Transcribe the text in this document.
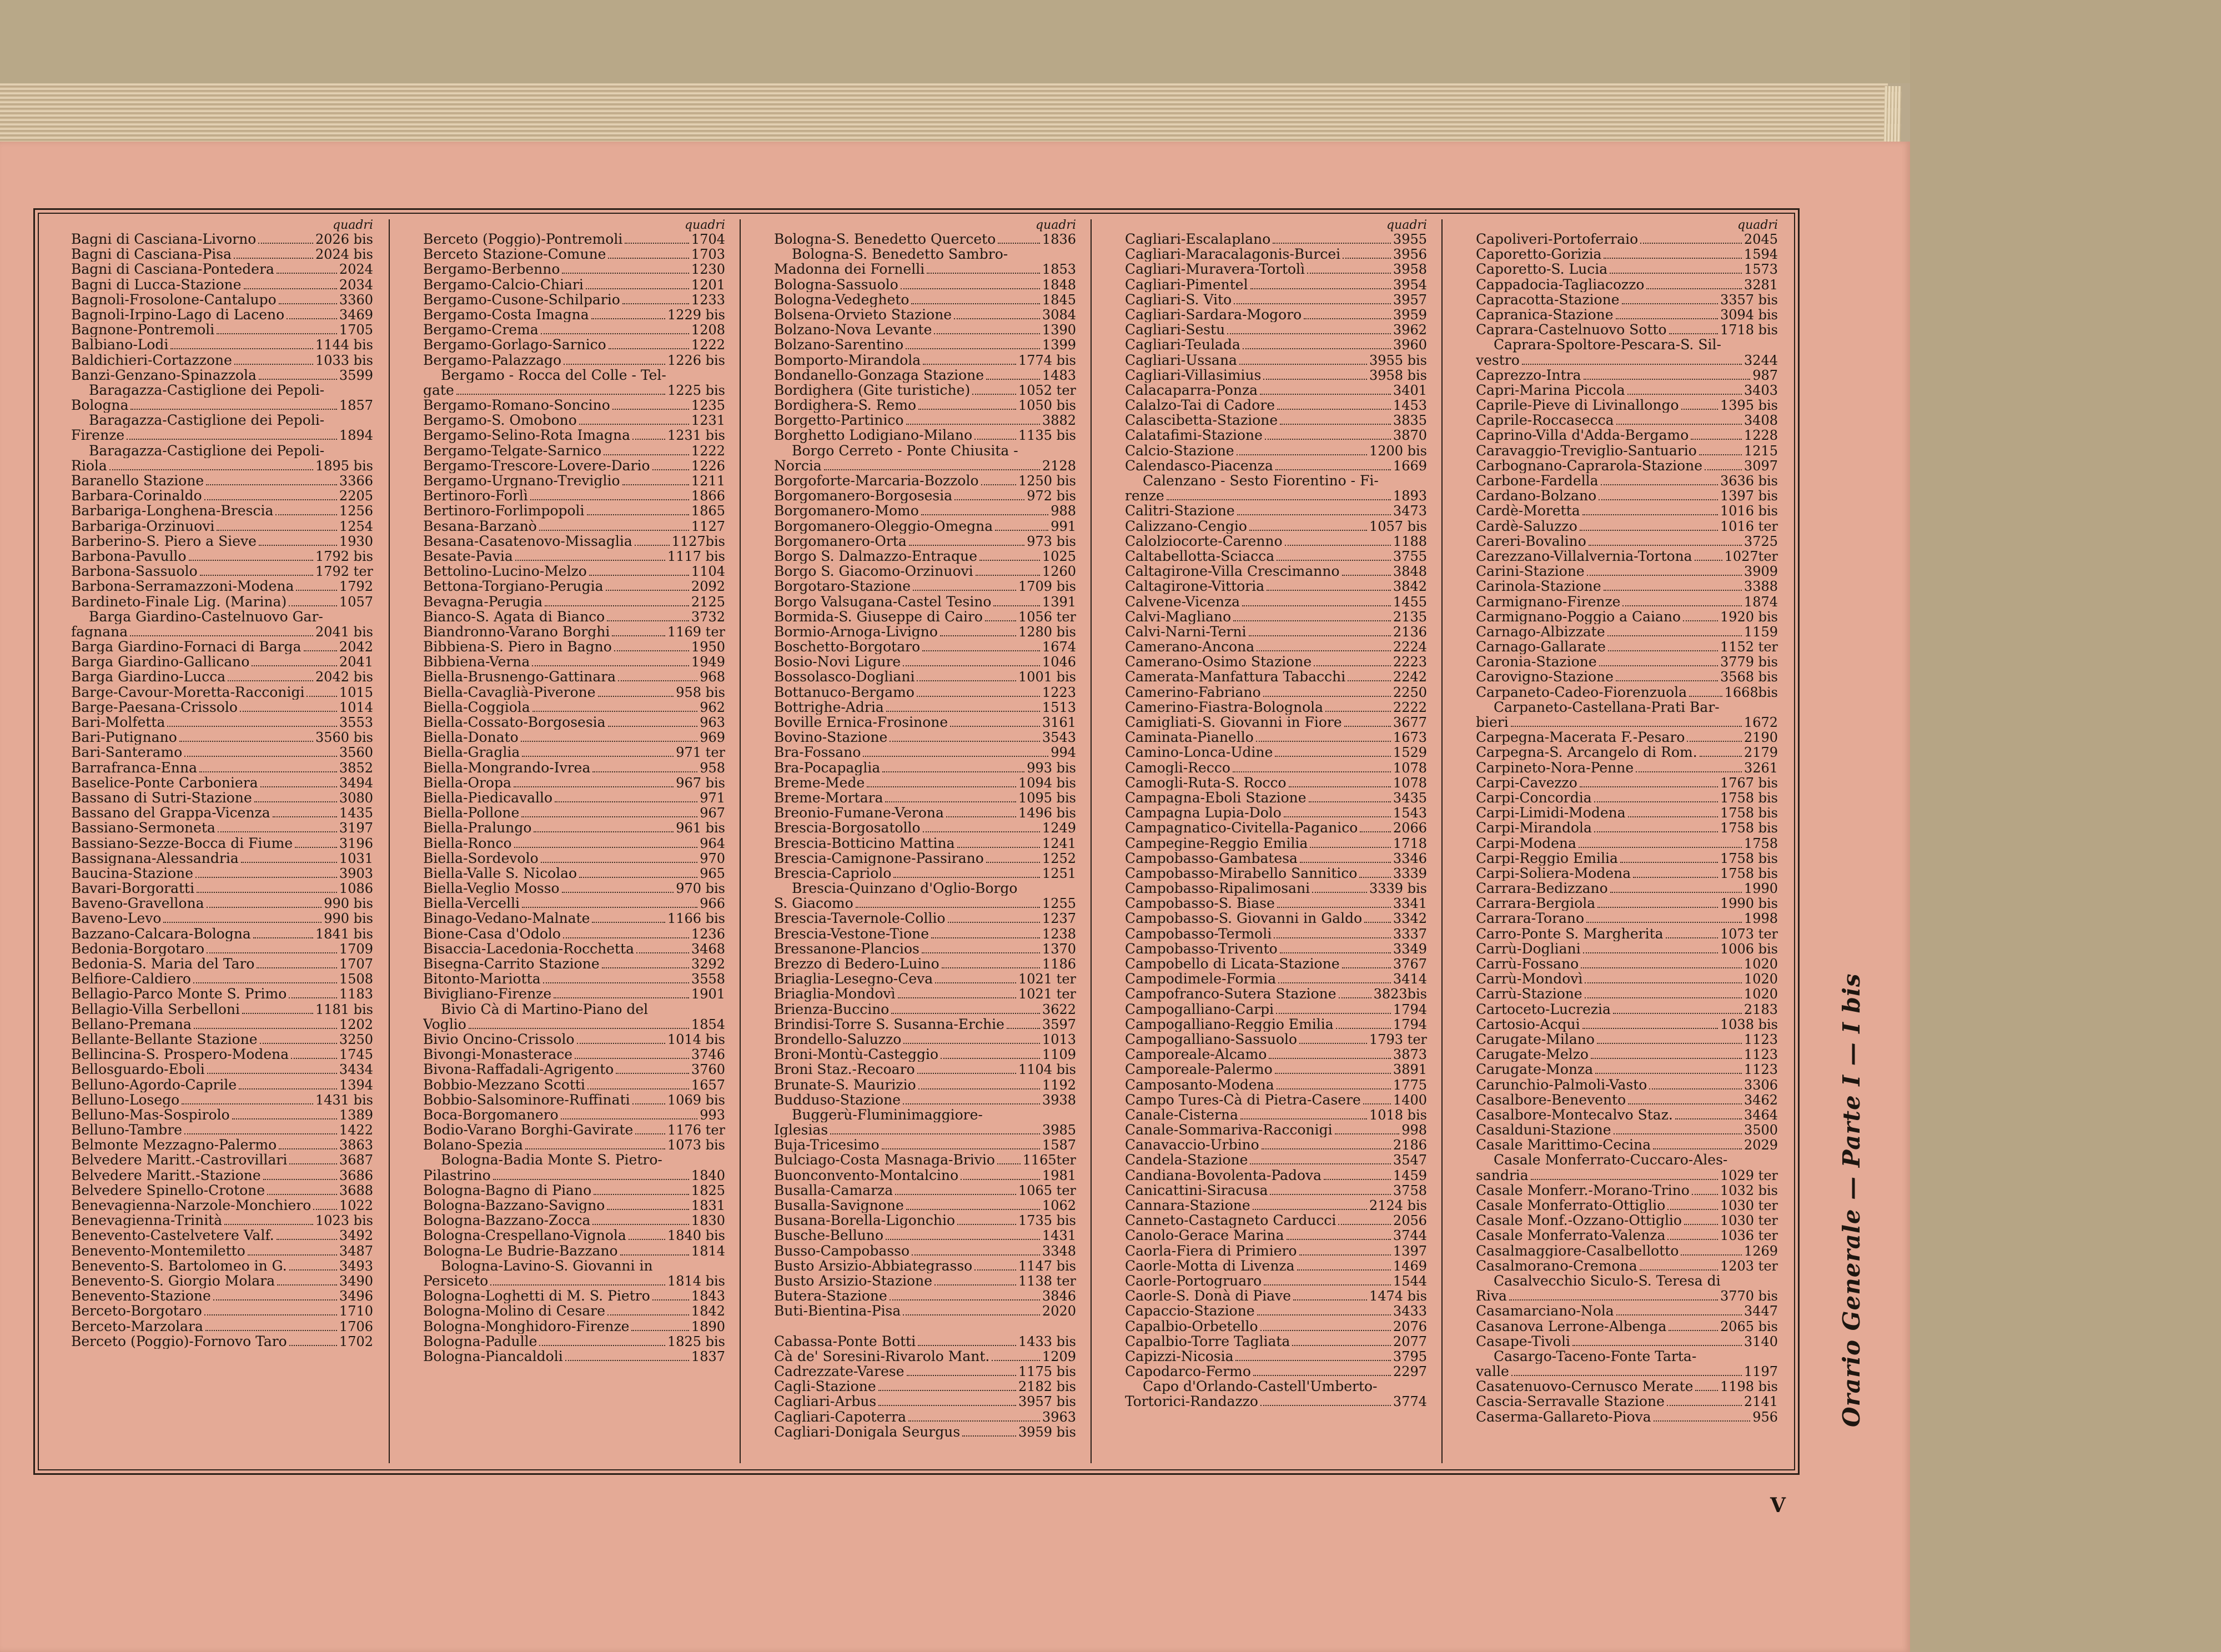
quadri
Bagni di Casciana-Livorno	2026 bis
Bagni di Casciana-Pisa	2024 bis
Bagni di Casciana-Pontedera	2024
Bagni di Lucca-Stazione	2034
Bagnoli-Frosolone-Cantalupo	3360
Bagnoli-Irpino-Lago di Laceno	3469
Bagnone-Pontremoli	1705
Balbiano-Lodi	1144 bis
Baldichieri-Cortazzone	1033 bis
Banzi-Genzano-Spinazzola	3599
Baragazza-Castiglione dei Pepoli-
Bologna	1857
Baragazza-Castiglione dei Pepoli-
Firenze	1894
Baragazza-Castiglione dei Pepoli-
Riola	1895 bis
Baranello Stazione	3366
Barbara-Corinaldo	2205
Barbariga-Longhena-Brescia	1256
Barbariga-Orzinuovi	1254
Barberino-S. Piero a Sieve	1930
Barbona-Pavullo	1792 bis
Barbona-Sassuolo	1792 ter
Barbona-Serramazzoni-Modena	1792
Bardineto-Finale Lig. (Marina)	1057
Barga Giardino-Castelnuovo Gar-
fagnana	2041 bis
Barga Giardino-Fornaci di Barga	2042
Barga Giardino-Gallicano	2041
Barga Giardino-Lucca	2042 bis
Barge-Cavour-Moretta-Racconigi	1015
Barge-Paesana-Crissolo	1014
Bari-Molfetta	3553
Bari-Putignano	3560 bis
Bari-Santeramo	3560
Barrafranca-Enna	3852
Baselice-Ponte Carboniera	3494
Bassano di Sutri-Stazione	3080
Bassano del Grappa-Vicenza	1435
Bassiano-Sermoneta	3197
Bassiano-Sezze-Bocca di Fiume	3196
Bassignana-Alessandria	1031
Baucina-Stazione	3903
Bavari-Borgoratti	1086
Baveno-Gravellona	990 bis
Baveno-Levo	990 bis
Bazzano-Calcara-Bologna	1841 bis
Bedonia-Borgotaro	1709
Bedonia-S. Maria del Taro	1707
Belfiore-Caldiero	1508
Bellagio-Parco Monte S. Primo	1183
Bellagio-Villa Serbelloni	1181 bis
Bellano-Premana	1202
Bellante-Bellante Stazione	3250
Bellincina-S. Prospero-Modena	1745
Bellosguardo-Eboli	3434
Belluno-Agordo-Caprile	1394
Belluno-Losego	1431 bis
Belluno-Mas-Sospirolo	1389
Belluno-Tambre	1422
Belmonte Mezzagno-Palermo	3863
Belvedere Maritt.-Castrovillari	3687
Belvedere Maritt.-Stazione	3686
Belvedere Spinello-Crotone	3688
Benevagienna-Narzole-Monchiero 1022
Benevagienna-Trinità	1023 bis
Benevento-Castelvetere Valf.	3492
Benevento-Montemiletto	3487
Benevento-S. Bartolomeo in G.	3493
Benevento-S. Giorgio Molara	3490
Benevento-Stazione	3496
Berceto-Borgotaro	1710
Berceto-Marzolara	1706
Berceto (Poggio)-Fornovo Taro	1702
quadri
Berceto (Poggio)-Pontremoli	1704
Berceto Stazione-Comune	1703
Bergamo-Berbenno	1230
Bergamo-Calcio-Chiari	1201
Bergamo-Cusone-Schilpario	1233
Bergamo-Costa Imagna	1229 bis
Bergamo-Crema	1208
Bergamo-Gorlago-Sarnico	1222
Bergamo-Palazzago	1226 bis
Bergamo - Rocca del Colle - Tel-
gate	1225 bis
Bergamo-Romano-Soncino	1235
Bergamo-S. Omobono	1231
Bergamo-Selino-Rota Imagna	1231 bis
Bergamo-Telgate-Sarnico	1222
Bergamo-Trescore-Lovere-Dario	1226
Bergamo-Urgnano-Treviglio	1211
Bertinoro-Forlì	1866
Bertinoro-Forlimpopoli	1865
Besana-Barzanò	1127
Besana-Casatenovo-Missaglia	1127bis
Besate-Pavia	1117 bis
Bettolino-Lucino-Melzo	1104
Bettona-Torgiano-Perugia	2092
Bevagna-Perugia	2125
Bianco-S. Agata di Bianco	3732
Biandronno-Varano Borghi	1169 ter
Bibbiena-S. Piero in Bagno	1950
Bibbiena-Verna	1949
Biella-Brusnengo-Gattinara	968
Biella-Cavaglià-Piverone	958 bis
Biella-Coggiola	962
Biella-Cossato-Borgosesia	963
Biella-Donato	969
Biella-Graglia	971 ter
Biella-Mongrando-Ivrea	958
Biella-Oropa	967 bis
Biella-Piedicavallo	971
Biella-Pollone	967
Biella-Pralungo	961 bis
Biella-Ronco	964
Biella-Sordevolo	970
Biella-Valle S. Nicolao	965
Biella-Veglio Mosso	970 bis
Biella-Vercelli	966
Binago-Vedano-Malnate	1166 bis
Bione-Casa d'Odolo	1236
Bisaccia-Lacedonia-Rocchetta	3468
Bisegna-Carrito Stazione	3292
Bitonto-Mariotta	3558
Bivigliano-Firenze	1901
Bivio Cà di Martino-Piano del
Voglio	1854
Bivio Oncino-Crissolo	1014 bis
Bivongi-Monasterace	3746
Bivona-Raffadali-Agrigento	3760
Bobbio-Mezzano Scotti	1657
Bobbio-Salsominore-Ruffinati	1069 bis
Boca-Borgomanero	993
Bodio-Varano Borghi-Gavirate	1176 ter
Bolano-Spezia	1073 bis
Bologna-Badia Monte S. Pietro-
Pilastrino	1840
Bologna-Bagno di Piano	1825
Bologna-Bazzano-Savigno	1831
Bologna-Bazzano-Zocca	1830
Bologna-Crespellano-Vignola	1840 bis
Bologna-Le Budrie-Bazzano	1814
Bologna-Lavino-S. Giovanni in
Persiceto	1814 bis
Bologna-Loghetti di M. S. Pietro	1843
Bologna-Molino di Cesare	1842
Bologna-Monghidoro-Firenze	1890
Bologna-Padulle	1825 bis
Bologna-Piancaldoli	1837
quadri
Bologna-S. Benedetto Querceto	1836
Bologna-S. Benedetto Sambro-
Madonna dei Fornelli	1853
Bologna-Sassuolo	1848
Bologna-Vedegheto	1845
Bolsena-Orvieto Stazione	3084
Bolzano-Nova Levante	1390
Bolzano-Sarentino	1399
Bomporto-Mirandola	1774 bis
Bondanello-Gonzaga Stazione	1483
Bordighera (Gite turistiche)	1052 ter
Bordighera-S. Remo	1050 bis
Borgetto-Partinico	3882
Borghetto Lodigiano-Milano	1135 bis
Borgo Cerreto - Ponte Chiusita -
Norcia	2128
Borgoforte-Marcaria-Bozzolo	1250 bis
Borgomanero-Borgosesia	972 bis
Borgomanero-Momo	988
Borgomanero-Oleggio-Omegna	991
Borgomanero-Orta	973 bis
Borgo S. Dalmazzo-Entraque	1025
Borgo S. Giacomo-Orzinuovi	1260
Borgotaro-Stazione	1709 bis
Borgo Valsugana-Castel Tesino	1391
Bormida-S. Giuseppe di Cairo	1056 ter
Bormio-Arnoga-Livigno	1280 bis
Boschetto-Borgotaro	1674
Bosio-Novi Ligure	1046
Bossolasco-Dogliani	1001 bis
Bottanuco-Bergamo	1223
Bottrighe-Adria	1513
Boville Ernica-Frosinone	3161
Bovino-Stazione	3543
Bra-Fossano	994
Bra-Pocapaglia	993 bis
Breme-Mede	1094 bis
Breme-Mortara	1095 bis
Breonio-Fumane-Verona	1496 bis
Brescia-Borgosatollo	1249
Brescia-Botticino Mattina	1241
Brescia-Camignone-Passirano	1252
Brescia-Capriolo	1251
Brescia-Quinzano d'Oglio-Borgo
S. Giacomo	1255
Brescia-Tavernole-Collio	1237
Brescia-Vestone-Tione	1238
Bressanone-Plancios	1370
Brezzo di Bedero-Luino	1186
Briaglia-Lesegno-Ceva	1021 ter
Briaglia-Mondovì	1021 ter
Brienza-Buccino	3622
Brindisi-Torre S. Susanna-Erchie	3597
Brondello-Saluzzo	1013
Broni-Montù-Casteggio	1109
Broni Staz.-Recoaro	1104 bis
Brunate-S. Maurizio	1192
Budduso-Stazione	3938
Buggerù-Fluminimaggiore-
Iglesias	3985
Buja-Tricesimo	1587
Bulciago-Costa Masnaga-Brivio 1165ter
Buonconvento-Montalcino	1981
Busalla-Camarza	1065 ter
Busalla-Savignone	1062
Busana-Borella-Ligonchio	1735 bis
Busche-Belluno	1431
Busso-Campobasso	3348
Busto Arsizio-Abbiategrasso	1147 bis
Busto Arsizio-Stazione	1138 ter
Butera-Stazione	3846
Buti-Bientina-Pisa	2020
Cabassa-Ponte Botti	1433 bis
Cà de' Soresini-Rivarolo Mant.	1209
Cadrezzate-Varese	1175 bis
Cagli-Stazione	2182 bis
Cagliari-Arbus	3957 bis
Cagliari-Capoterra	3963
Cagliari-Donigala Seurgus	3959 bis
quadri
Cagliari-Escalaplano	3955
Cagliari-Maracalagonis-Burcei	3956
Cagliari-Muravera-Tortolì	3958
Cagliari-Pimentel	3954
Cagliari-S. Vito	3957
Cagliari-Sardara-Mogoro	3959
Cagliari-Sestu	3962
Cagliari-Teulada	3960
Cagliari-Ussana	3955 bis
Cagliari-Villasimius	3958 bis
Calacaparra-Ponza	3401
Calalzo-Tai di Cadore	1453
Calascibetta-Stazione	3835
Calatafimi-Stazione	3870
Calcio-Stazione	1200 bis
Calendasco-Piacenza	1669
Calenzano - Sesto Fiorentino - Fi-
renze	1893
Calitri-Stazione	3473
Calizzano-Cengio	1057 bis
Calolziocorte-Carenno	1188
Caltabellotta-Sciacca	3755
Caltagirone-Villa Crescimanno	3848
Caltagirone-Vittoria	3842
Calvene-Vicenza	1455
Calvi-Magliano	2135
Calvi-Narni-Terni	2136
Camerano-Ancona	2224
Camerano-Osimo Stazione	2223
Camerata-Manfattura Tabacchi	2242
Camerino-Fabriano	2250
Camerino-Fiastra-Bolognola	2222
Camigliati-S. Giovanni in Fiore	3677
Caminata-Pianello	1673
Camino-Lonca-Udine	1529
Camogli-Recco	1078
Camogli-Ruta-S. Rocco	1078
Campagna-Eboli Stazione	3435
Campagna Lupia-Dolo	1543
Campagnatico-Civitella-Paganico	2066
Campegine-Reggio Emilia	1718
Campobasso-Gambatesa	3346
Campobasso-Mirabello Sannitico	3339
Campobasso-Ripalimosani	3339 bis
Campobasso-S. Biase	3341
Campobasso-S. Giovanni in Galdo 3342
Campobasso-Termoli	3337
Campobasso-Trivento	3349
Campobello di Licata-Stazione	3767
Campodimele-Formia	3414
Campofranco-Sutera Stazione	3823bis
Campogalliano-Carpi	1794
Campogalliano-Reggio Emilia	1794
Campogalliano-Sassuolo	1793 ter
Camporeale-Alcamo	3873
Camporeale-Palermo	3891
Camposanto-Modena	1775
Campo Tures-Cà di Pietra-Casere 1400
Canale-Cisterna	1018 bis
Canale-Sommariva-Racconigi	998
Canavaccio-Urbino	2186
Candela-Stazione	3547
Candiana-Bovolenta-Padova	1459
Canicattini-Siracusa	3758
Cannara-Stazione	2124 bis
Canneto-Castagneto Carducci	2056
Canolo-Gerace Marina	3744
Caorla-Fiera di Primiero	1397
Caorle-Motta di Livenza	1469
Caorle-Portogruaro	1544
Caorle-S. Donà di Piave	1474 bis
Capaccio-Stazione	3433
Capalbio-Orbetello	2076
Capalbio-Torre Tagliata	2077
Capizzi-Nicosia	3795
Capodarco-Fermo	2297
Capo d'Orlando-Castell'Umberto-
Tortorici-Randazzo	3774
quadri
Capoliveri-Portoferraio	2045
Caporetto-Gorizia	1594
Caporetto-S. Lucia	1573
Cappadocia-Tagliacozzo	3281
Capracotta-Stazione	3357 bis
Capranica-Stazione	3094 bis
Caprara-Castelnuovo Sotto	1718 bis
Caprara-Spoltore-Pescara-S. Sil-
vestro	3244
Caprezzo-Intra	987
Capri-Marina Piccola	3403
Caprile-Pieve di Livinallongo	1395 bis
Caprile-Roccasecca	3408
Caprino-Villa d'Adda-Bergamo	1228
Caravaggio-Treviglio-Santuario	1215
Carbognano-Caprarola-Stazione	3097
Carbone-Fardella	3636 bis
Cardano-Bolzano	1397 bis
Cardè-Moretta	1016 bis
Cardè-Saluzzo	1016 ter
Careri-Bovalino	3725
Carezzano-Villalvernia-Tortona 1027ter
Carini-Stazione	3909
Carinola-Stazione	3388
Carmignano-Firenze	1874
Carmignano-Poggio a Caiano	1920 bis
Carnago-Albizzate	1159
Carnago-Gallarate	1152 ter
Caronia-Stazione	3779 bis
Carovigno-Stazione	3568 bis
Carpaneto-Cadeo-Fiorenzuola	1668bis
Carpaneto-Castellana-Prati Bar-
bieri	1672
Carpegna-Macerata F.-Pesaro	2190
Carpegna-S. Arcangelo di Rom.	2179
Carpineto-Nora-Penne	3261
Carpi-Cavezzo	1767 bis
Carpi-Concordia	1758 bis
Carpi-Limidi-Modena	1758 bis
Carpi-Mirandola	1758 bis
Carpi-Modena	1758
Carpi-Reggio Emilia	1758 bis
Carpi-Soliera-Modena	1758 bis
Carrara-Bedizzano	1990
Carrara-Bergiola	1990 bis
Carrara-Torano	1998
Carro-Ponte S. Margherita	1073 ter
Carrù-Dogliani	1006 bis
Carrù-Fossano	1020
Carrù-Mondovì	1020
Carrù-Stazione	1020
Cartoceto-Lucrezia	2183
Cartosio-Acqui	1038 bis
Carugate-Milano	1123
Carugate-Melzo	1123
Carugate-Monza	1123
Carunchio-Palmoli-Vasto	3306
Casalbore-Benevento	3462
Casalbore-Montecalvo Staz.	3464
Casalduni-Stazione	3500
Casale Marittimo-Cecina	2029
Casale Monferrato-Cuccaro-Ales-
sandria	1029 ter
Casale Monferr.-Morano-Trino 1032 bis
Casale Monferrato-Ottiglio	1030 ter
Casale Monf.-Ozzano-Ottiglio	1030 ter
Casale Monferrato-Valenza	1036 ter
Casalmaggiore-Casalbellotto	1269
Casalmorano-Cremona	1203 ter
Casalvecchio Siculo-S. Teresa di
Riva	3770 bis
Casamarciano-Nola	3447
Casanova Lerrone-Albenga	2065 bis
Casape-Tivoli	3140
Casargo-Taceno-Fonte Tarta-
valle	1197
Casatenuovo-Cernusco Merate 1198 bis
Cascia-Serravalle Stazione	2141
Caserma-Gallareto-Piova	956	Orario Generale — Parte I — I bis
V
